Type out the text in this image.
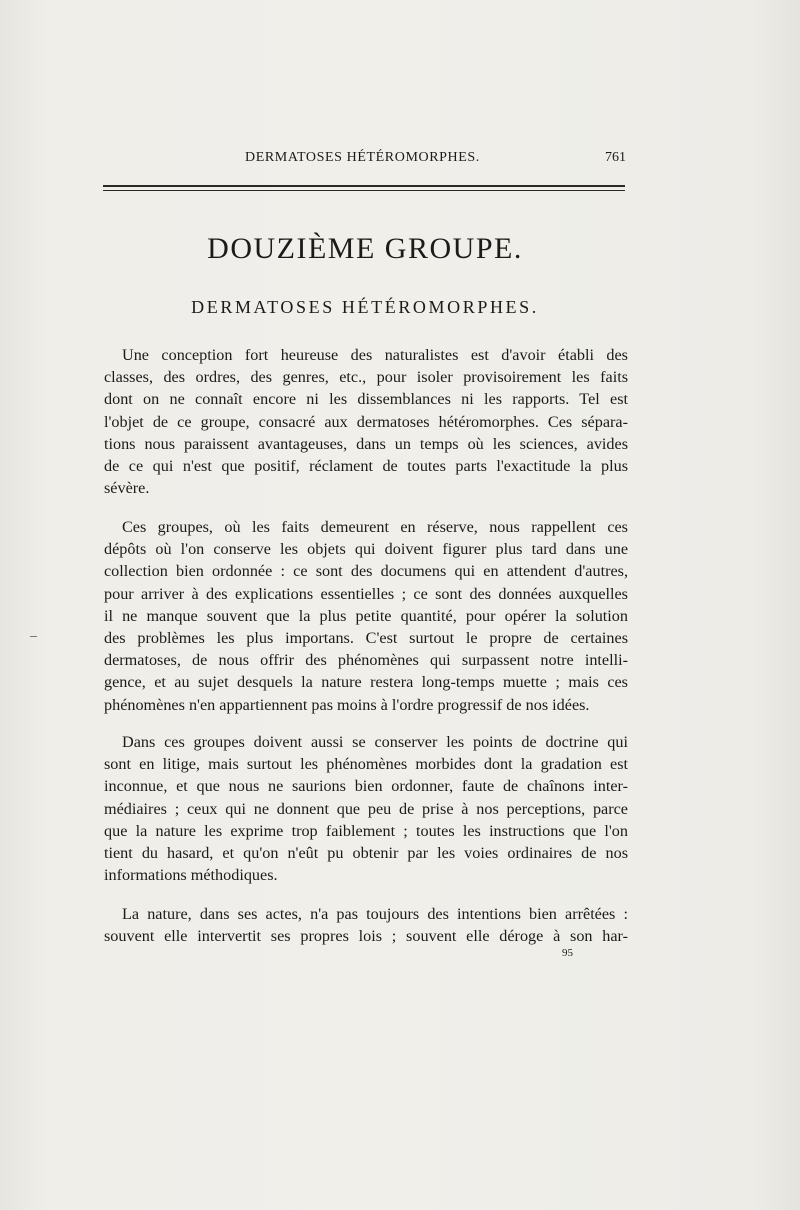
DERMATOSES HÉTÉROMORPHES.	761
DOUZIÈME GROUPE.
DERMATOSES HÉTÉROMORPHES.

Une conception fort heureuse des naturalistes est d'avoir établi des
classes, des ordres, des genres, etc., pour isoler provisoirement les faits
dont on ne connaît encore ni les dissemblances ni les rapports. Tel est
l'objet de ce groupe, consacré aux dermatoses hétéromorphes. Ces sépara-
tions nous paraissent avantageuses, dans un temps où les sciences, avides
de ce qui n'est que positif, réclament de toutes parts l'exactitude la plus
sévère.

Ces groupes, où les faits demeurent en réserve, nous rappellent ces
dépôts où l'on conserve les objets qui doivent figurer plus tard dans une
collection bien ordonnée : ce sont des documens qui en attendent d'autres,
pour arriver à des explications essentielles ; ce sont des données auxquelles
il ne manque souvent que la plus petite quantité, pour opérer la solution
des problèmes les plus importans. C'est surtout le propre de certaines
dermatoses, de nous offrir des phénomènes qui surpassent notre intelli-
gence, et au sujet desquels la nature restera long-temps muette ; mais ces
phénomènes n'en appartiennent pas moins à l'ordre progressif de nos idées.

Dans ces groupes doivent aussi se conserver les points de doctrine qui
sont en litige, mais surtout les phénomènes morbides dont la gradation est
inconnue, et que nous ne saurions bien ordonner, faute de chaînons inter-
médiaires ; ceux qui ne donnent que peu de prise à nos perceptions, parce
que la nature les exprime trop faiblement ; toutes les instructions que l'on
tient du hasard, et qu'on n'eût pu obtenir par les voies ordinaires de nos
informations méthodiques.

La nature, dans ses actes, n'a pas toujours des intentions bien arrêtées :
souvent elle intervertit ses propres lois ; souvent elle déroge à son har-

95
